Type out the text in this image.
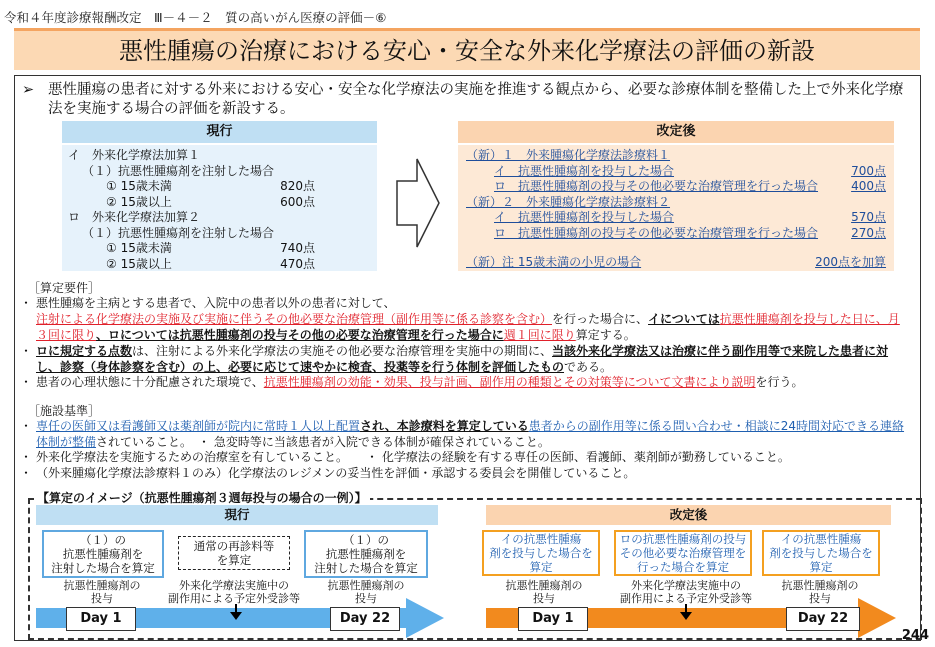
令和４年度診療報酬改定　Ⅲ－４－２　質の高いがん医療の評価－⑥
悪性腫瘍の治療における安心・安全な外来化学療法の評価の新設
➢ 悪性腫瘍の患者に対する外来における安心・安全な化学療法の実施を推進する観点から、必要な診療体制を整備した上で外来化学療法を実施する場合の評価を新設する。
現行
イ　外来化学療法加算１
（１）抗悪性腫瘍剤を注射した場合
① 15歳未満	820点
② 15歳以上	600点
ロ　外来化学療法加算２
（１）抗悪性腫瘍剤を注射した場合
① 15歳未満	740点
② 15歳以上	470点
改定後
（新）１　外来腫瘍化学療法診療料１
イ　抗悪性腫瘍剤を投与した場合	700点
ロ　抗悪性腫瘍剤の投与その他必要な治療管理を行った場合	400点
（新）２　外来腫瘍化学療法診療料２
イ　抗悪性腫瘍剤を投与した場合	570点
ロ　抗悪性腫瘍剤の投与その他必要な治療管理を行った場合	270点
（新）注 15歳未満の小児の場合	200点を加算
［算定要件］
・ 悪性腫瘍を主病とする患者で、入院中の患者以外の患者に対して、注射による化学療法の実施及び実施に伴うその他必要な治療管理（副作用等に係る診察を含む）を行った場合に、イについては抗悪性腫瘍剤を投与した日に、月３回に限り、ロについては抗悪性腫瘍剤の投与その他の必要な治療管理を行った場合に週１回に限り算定する。
・ ロに規定する点数は、注射による外来化学療法の実施その他必要な治療管理を実施中の期間に、当該外来化学療法又は治療に伴う副作用等で来院した患者に対し、診察（身体診察を含む）の上、必要に応じて速やかに検査、投薬等を行う体制を評価したものである。
・ 患者の心理状態に十分配慮された環境で、抗悪性腫瘍剤の効能・効果、投与計画、副作用の種類とその対策等について文書により説明を行う。
［施設基準］
・ 専任の医師又は看護師又は薬剤師が院内に常時１人以上配置され、本診療料を算定している患者からの副作用等に係る問い合わせ・相談に24時間対応できる連絡体制が整備されていること。　 ・ 急変時等に当該患者が入院できる体制が確保されていること。
・ 外来化学療法を実施するための治療室を有していること。　　・ 化学療法の経験を有する専任の医師、看護師、薬剤師が勤務していること。
・ （外来腫瘍化学療法診療料１のみ）化学療法のレジメンの妥当性を評価・承認する委員会を開催していること。
【算定のイメージ（抗悪性腫瘍剤３週毎投与の場合の一例）】
現行	改定後
（１）の
抗悪性腫瘍剤を
注射した場合を算定
通常の再診料等
を算定
（１）の
抗悪性腫瘍剤を
注射した場合を算定
抗悪性腫瘍剤の
投与
外来化学療法実施中の
副作用による予定外受診等
抗悪性腫瘍剤の
投与
イの抗悪性腫瘍
剤を投与した場合を
算定
ロの抗悪性腫瘍剤の投与
その他必要な治療管理を
行った場合を算定
イの抗悪性腫瘍
剤を投与した場合を
算定
抗悪性腫瘍剤の
投与
外来化学療法実施中の
副作用による予定外受診等
抗悪性腫瘍剤の
投与
Day 1	Day 22	Day 1	Day 22
244
